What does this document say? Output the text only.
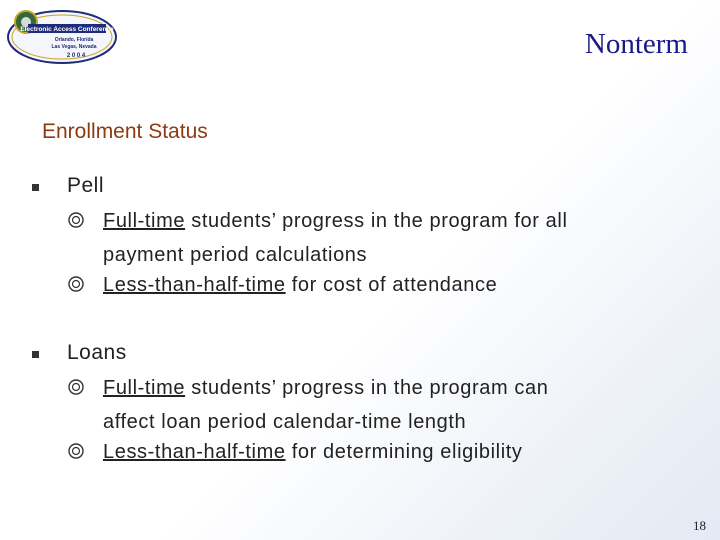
Electronic Access Conference
Orlando, Florida
Las Vegas, Nevada
2 0 0 4	Nonterm
Enrollment Status
Pell
Full-time students’ progress in the program for all
payment period calculations
Less-than-half-time for cost of attendance
Loans
Full-time students’ progress in the program can
affect loan period calendar-time length
Less-than-half-time for determining eligibility
18
